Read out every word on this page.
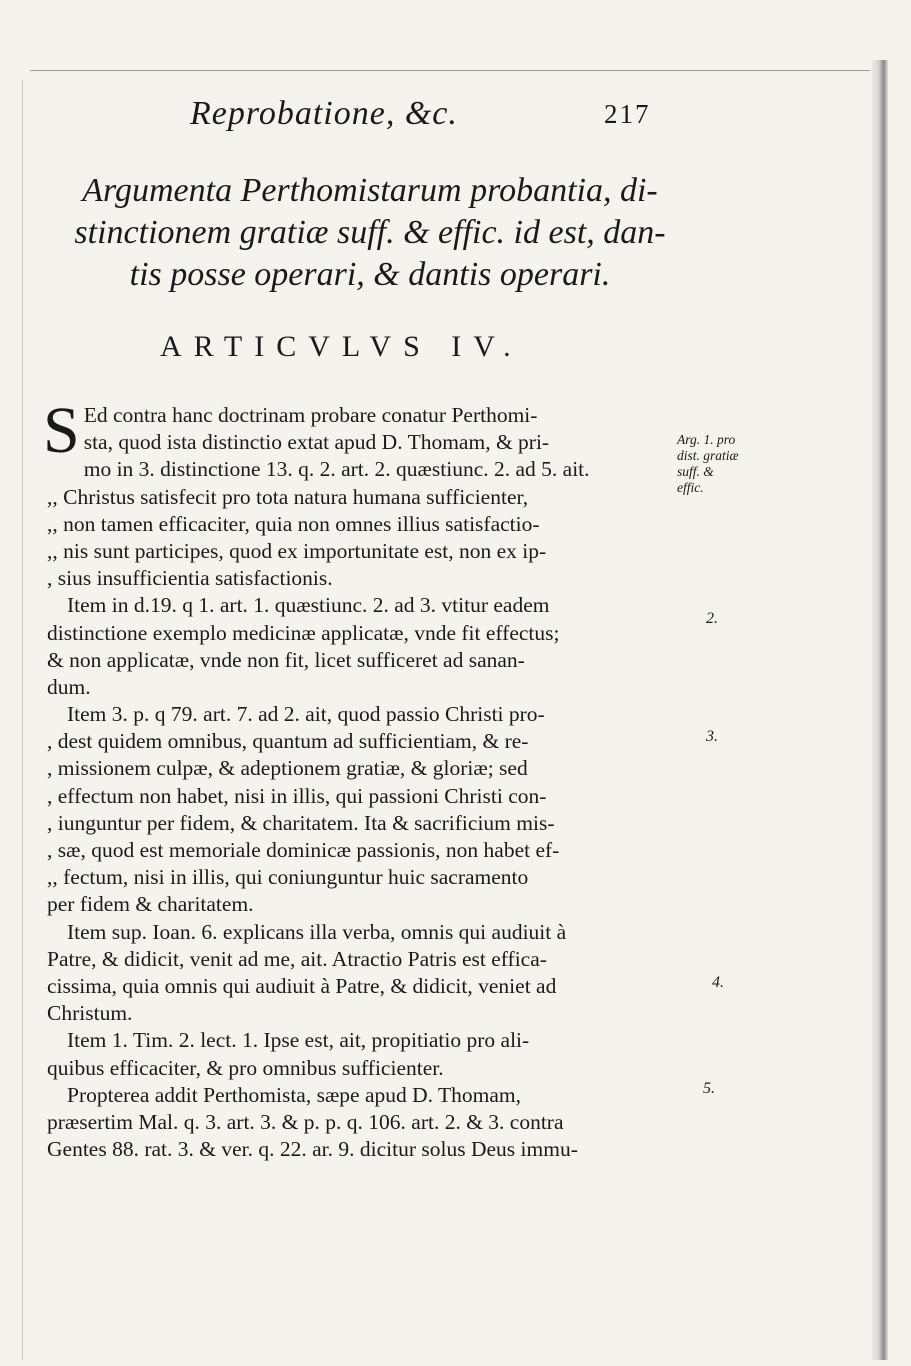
Reprobatione, &c.	217
Argumenta Perthomistarum probantia, di-
stinctionem gratiæ suff. & effic. id est, dan-
tis posse operari, & dantis operari.
ARTICVLVS IV.
S Ed contra hanc doctrinam probare conatur Perthomi-
sta, quod ista distinctio extat apud D. Thomam, & pri-
mo in 3. distinctione 13. q. 2. art. 2. quæstiunc. 2. ad 5. ait.
,, Christus satisfecit pro tota natura humana sufficienter,
,, non tamen efficaciter, quia non omnes illius satisfactio-
,, nis sunt participes, quod ex importunitate est, non ex ip-
, sius insufficientia satisfactionis.
Item in d.19. q 1. art. 1. quæstiunc. 2. ad 3. vtitur eadem
distinctione exemplo medicinæ applicatæ, vnde fit effectus;
& non applicatæ, vnde non fit, licet sufficeret ad sanan-
dum.
Item 3. p. q 79. art. 7. ad 2. ait, quod passio Christi pro-
, dest quidem omnibus, quantum ad sufficientiam, & re-
, missionem culpæ, & adeptionem gratiæ, & gloriæ; sed
, effectum non habet, nisi in illis, qui passioni Christi con-
, iunguntur per fidem, & charitatem. Ita & sacrificium mis-
, sæ, quod est memoriale dominicæ passionis, non habet ef-
,, fectum, nisi in illis, qui coniunguntur huic sacramento
per fidem & charitatem.
Item sup. Ioan. 6. explicans illa verba, omnis qui audiuit à
Patre, & didicit, venit ad me, ait. Atractio Patris est effica-
cissima, quia omnis qui audiuit à Patre, & didicit, veniet ad
Christum.
Item 1. Tim. 2. lect. 1. Ipse est, ait, propitiatio pro ali-
quibus efficaciter, & pro omnibus sufficienter.
Propterea addit Perthomista, sæpe apud D. Thomam,
præsertim Mal. q. 3. art. 3. & p. p. q. 106. art. 2. & 3. contra
Gentes 88. rat. 3. & ver. q. 22. ar. 9. dicitur solus Deus immu-
Arg. 1. pro
dist. gratiæ
suff. &
effic.
2.
3.
4.
5.
